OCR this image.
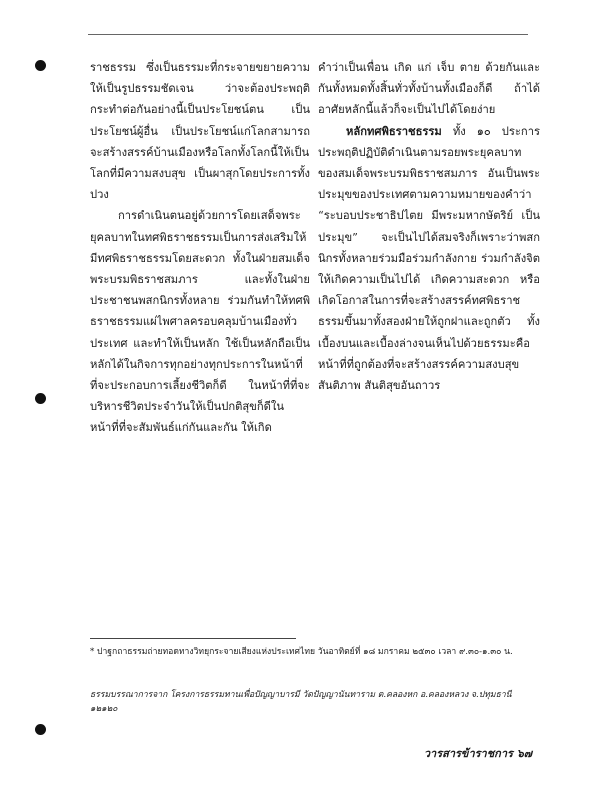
ราชธรรม ซึ่งเป็นธรรมะที่กระจายขยายความ ให้เป็นรูปธรรมชัดเจน ว่าจะต้องประพฤติกระทำต่อกันอย่างนี้เป็นประโยชน์ตน เป็นประโยชน์ผู้อื่น เป็นประโยชน์แก่โลกสามารถจะสร้างสรรค์บ้านเมืองหรือโลกทั้งโลกนี้ให้เป็นโลกที่มีความสงบสุข เป็นผาสุกโดยประการทั้งปวง

การดำเนินตนอยู่ด้วยการโดยเสด็จพระยุคลบาทในทศพิธราชธรรมเป็นการส่งเสริมให้มีทศพิธราชธรรมโดยสะดวก ทั้งในฝ่ายสมเด็จพระบรมพิธราชสมภาร และทั้งในฝ่ายประชาชนพสกนิกรทั้งหลาย ร่วมกันทำให้ทศพิธราชธรรมแผ่ไพศาลครอบคลุมบ้านเมืองทั่วประเทศ และทำให้เป็นหลัก ใช้เป็นหลักถือเป็นหลักได้ในกิจการทุกอย่างทุกประการในหน้าที่ที่จะประกอบการเลี้ยงชีวิตก็ดี ในหน้าที่ที่จะบริหารชีวิตประจำวันให้เป็นปกติสุขก็ดีในหน้าที่ที่จะสัมพันธ์แก่กันและกัน ให้เกิด

คำว่าเป็นเพื่อน เกิด แก่ เจ็บ ตาย ด้วยกันและกันทั้งหมดทั้งสิ้นทั่วทั้งบ้านทั้งเมืองก็ดี ถ้าได้อาศัยหลักนี้แล้วก็จะเป็นไปได้โดยง่าย

หลักทศพิธราชธรรม ทั้ง ๑๐ ประการ ประพฤติปฏิบัติดำเนินตามรอยพระยุคลบาทของสมเด็จพระบรมพิธราชสมภาร อันเป็นพระประมุขของประเทศตามความหมายของคำว่า “ระบอบประชาธิปไตย มีพระมหากษัตริย์ เป็นประมุข” จะเป็นไปได้สมจริงก็เพราะว่าพสกนิกรทั้งหลายร่วมมือร่วมกำลังกาย ร่วมกำลังจิตให้เกิดความเป็นไปได้ เกิดความสะดวก หรือเกิดโอกาสในการที่จะสร้างสรรค์ทศพิธราชธรรมขึ้นมาทั้งสองฝ่ายให้ถูกฝาและถูกตัว ทั้งเบื้องบนและเบื้องล่างจนเห็นไปด้วยธรรมะคือหน้าที่ที่ถูกต้องที่จะสร้างสรรค์ความสงบสุข สันติภาพ สันติสุขอันถาวร

* ปาฐกถาธรรมถ่ายทอดทางวิทยุกระจายเสียงแห่งประเทศไทย วันอาทิตย์ที่ ๑๘ มกราคม ๒๕๓๐ เวลา ๙.๓๐-๑.๓๐ น.
ธรรมบรรณาการจาก โครงการธรรมทานเพื่อปัญญาบารมี วัดปัญญานันทาราม ต.คลองหก อ.คลองหลวง จ.ปทุมธานี ๑๒๑๒๐
วารสารข้าราชการ ๖๗
